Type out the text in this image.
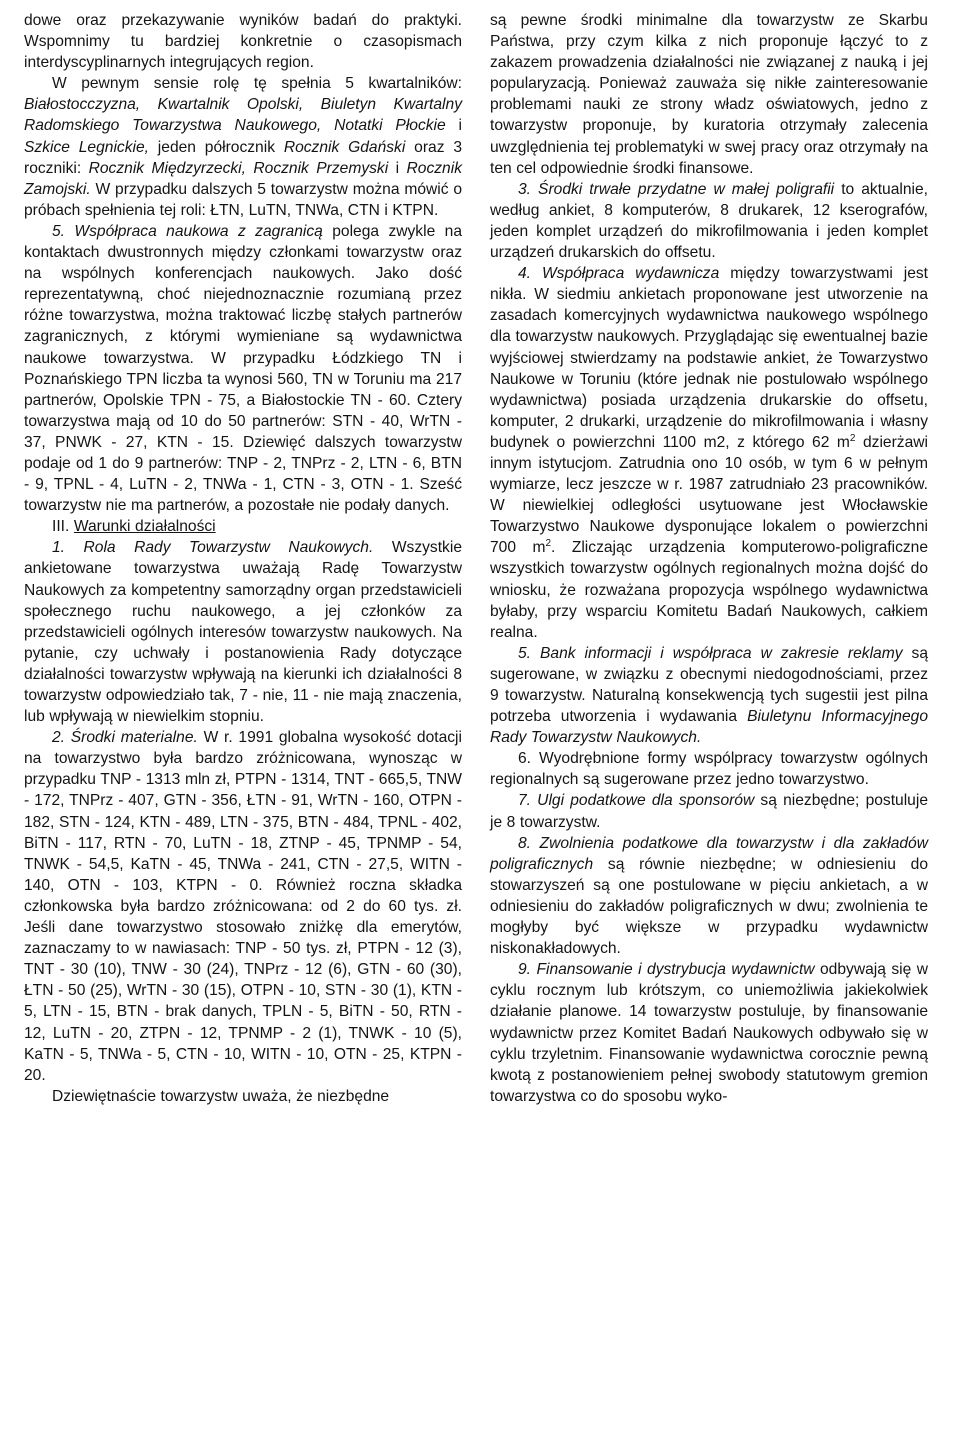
dowe oraz przekazywanie wyników badań do praktyki. Wspomnimy tu bardziej konkretnie o czasopismach interdyscyplinarnych integrujących region.

W pewnym sensie rolę tę spełnia 5 kwartalników: Białostocczyzna, Kwartalnik Opolski, Biuletyn Kwartalny Radomskiego Towarzystwa Naukowego, Notatki Płockie i Szkice Legnickie, jeden półrocznik Rocznik Gdański oraz 3 roczniki: Rocznik Międzyrzecki, Rocznik Przemyski i Rocznik Zamojski. W przypadku dalszych 5 towarzystw można mówić o próbach spełnienia tej roli: ŁTN, LuTN, TNWa, CTN i KTPN.

5. Współpraca naukowa z zagranicą polega zwykle na kontaktach dwustronnych między członkami towarzystw oraz na wspólnych konferencjach naukowych. Jako dość reprezentatywną, choć niejednoznacznie rozumianą przez różne towarzystwa, można traktować liczbę stałych partnerów zagranicznych, z którymi wymieniane są wydawnictwa naukowe towarzystwa. W przypadku Łódzkiego TN i Poznańskiego TPN liczba ta wynosi 560, TN w Toruniu ma 217 partnerów, Opolskie TPN - 75, a Białostockie TN - 60. Cztery towarzystwa mają od 10 do 50 partnerów: STN - 40, WrTN - 37, PNWK - 27, KTN - 15. Dziewięć dalszych towarzystw podaje od 1 do 9 partnerów: TNP - 2, TNPrz - 2, LTN - 6, BTN - 9, TPNL - 4, LuTN - 2, TNWa - 1, CTN - 3, OTN - 1. Sześć towarzystw nie ma partnerów, a pozostałe nie podały danych.

III. Warunki działalności

1. Rola Rady Towarzystw Naukowych. Wszystkie ankietowane towarzystwa uważają Radę Towarzystw Naukowych za kompetentny samorządny organ przedstawicieli społecznego ruchu naukowego, a jej członków za przedstawicieli ogólnych interesów towarzystw naukowych. Na pytanie, czy uchwały i postanowienia Rady dotyczące działalności towarzystw wpływają na kierunki ich działalności 8 towarzystw odpowiedziało tak, 7 - nie, 11 - nie mają znaczenia, lub wpływają w niewielkim stopniu.

2. Środki materialne. W r. 1991 globalna wysokość dotacji na towarzystwo była bardzo zróżnicowana, wynosząc w przypadku TNP - 1313 mln zł, PTPN - 1314, TNT - 665,5, TNW - 172, TNPrz - 407, GTN - 356, ŁTN - 91, WrTN - 160, OTPN - 182, STN - 124, KTN - 489, LTN - 375, BTN - 484, TPNL - 402, BiTN - 117, RTN - 70, LuTN - 18, ZTNP - 45, TPNMP - 54, TNWK - 54,5, KaTN - 45, TNWa - 241, CTN - 27,5, WITN - 140, OTN - 103, KTPN - 0. Również roczna składka członkowska była bardzo zróżnicowana: od 2 do 60 tys. zł. Jeśli dane towarzystwo stosowało zniżkę dla emerytów, zaznaczamy to w nawiasach: TNP - 50 tys. zł, PTPN - 12 (3), TNT - 30 (10), TNW - 30 (24), TNPrz - 12 (6), GTN - 60 (30), ŁTN - 50 (25), WrTN - 30 (15), OTPN - 10, STN - 30 (1), KTN - 5, LTN - 15, BTN - brak danych, TPLN - 5, BiTN - 50, RTN - 12, LuTN - 20, ZTPN - 12, TPNMP - 2 (1), TNWK - 10 (5), KaTN - 5, TNWa - 5, CTN - 10, WITN - 10, OTN - 25, KTPN - 20.

Dziewiętnaście towarzystw uważa, że niezbędne

są pewne środki minimalne dla towarzystw ze Skarbu Państwa, przy czym kilka z nich proponuje łączyć to z zakazem prowadzenia działalności nie związanej z nauką i jej popularyzacją. Ponieważ zauważa się nikłe zainteresowanie problemami nauki ze strony władz oświatowych, jedno z towarzystw proponuje, by kuratoria otrzymały zalecenia uwzględnienia tej problematyki w swej pracy oraz otrzymały na ten cel odpowiednie środki finansowe.

3. Środki trwałe przydatne w małej poligrafii to aktualnie, według ankiet, 8 komputerów, 8 drukarek, 12 kserografów, jeden komplet urządzeń do mikrofilmowania i jeden komplet urządzeń drukarskich do offsetu.

4. Współpraca wydawnicza między towarzystwami jest nikła. W siedmiu ankietach proponowane jest utworzenie na zasadach komercyjnych wydawnictwa naukowego wspólnego dla towarzystw naukowych. Przyglądając się ewentualnej bazie wyjściowej stwierdzamy na podstawie ankiet, że Towarzystwo Naukowe w Toruniu (które jednak nie postulowało wspólnego wydawnictwa) posiada urządzenia drukarskie do offsetu, komputer, 2 drukarki, urządzenie do mikrofilmowania i własny budynek o powierzchni 1100 m2, z którego 62 $m^2$ dzierżawi innym istytucjom. Zatrudnia ono 10 osób, w tym 6 w pełnym wymiarze, lecz jeszcze w r. 1987 zatrudniało 23 pracowników. W niewielkiej odległości usytuowane jest Włocławskie Towarzystwo Naukowe dysponujące lokalem o powierzchni 700 $m^2$. Zliczając urządzenia komputerowo-poligraficzne wszystkich towarzystw ogólnych regionalnych można dojść do wniosku, że rozważana propozycja wspólnego wydawnictwa byłaby, przy wsparciu Komitetu Badań Naukowych, całkiem realna.

5. Bank informacji i współpraca w zakresie reklamy są sugerowane, w związku z obecnymi niedogodnościami, przez 9 towarzystw. Naturalną konsekwencją tych sugestii jest pilna potrzeba utworzenia i wydawania Biuletynu Informacyjnego Rady Towarzystw Naukowych.

6. Wyodrębnione formy wspólpracy towarzystw ogólnych regionalnych są sugerowane przez jedno towarzystwo.

7. Ulgi podatkowe dla sponsorów są niezbędne; postuluje je 8 towarzystw.

8. Zwolnienia podatkowe dla towarzystw i dla zakładów poligraficznych są równie niezbędne; w odniesieniu do stowarzyszeń są one postulowane w pięciu ankietach, a w odniesieniu do zakładów poligraficznych w dwu; zwolnienia te mogłyby być większe w przypadku wydawnictw niskonakładowych.

9. Finansowanie i dystrybucja wydawnictw odbywają się w cyklu rocznym lub krótszym, co uniemożliwia jakiekolwiek działanie planowe. 14 towarzystw postuluje, by finansowanie wydawnictw przez Komitet Badań Naukowych odbywało się w cyklu trzyletnim. Finansowanie wydawnictwa corocznie pewną kwotą z postanowieniem pełnej swobody statutowym gremion towarzystwa co do sposobu wyko-
